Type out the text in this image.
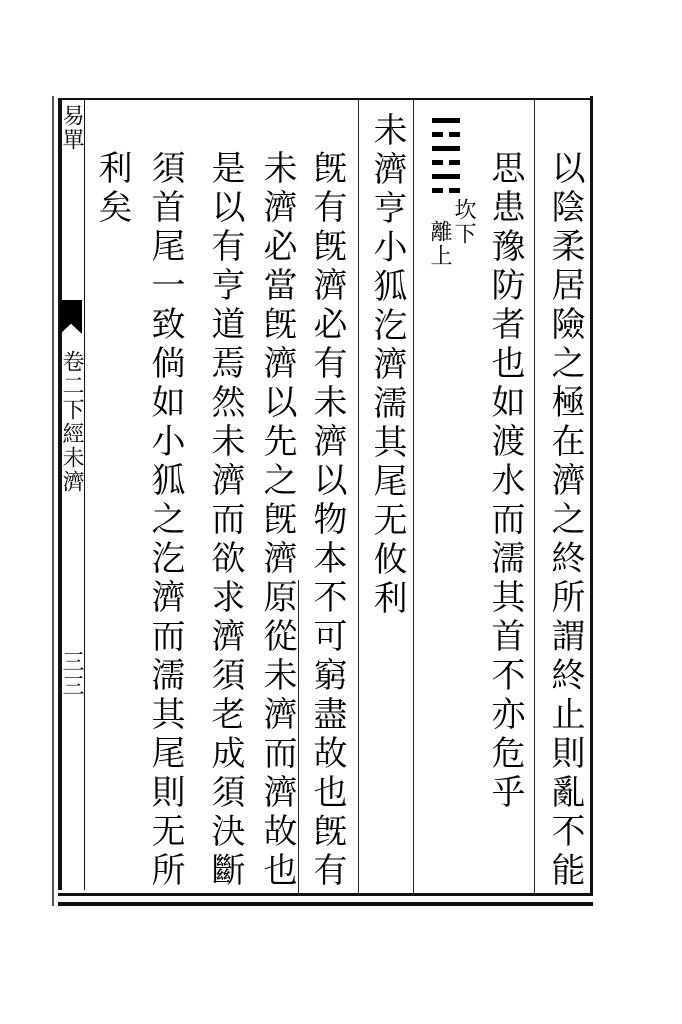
易單
卷二下經未濟
三三	以陰柔居險之極在濟之終所謂終止則亂不能
思患豫防者也如渡水而濡其首不亦危乎
坎下
離上
未濟亨小狐汔濟濡其尾无攸利
旣有旣濟必有未濟以物本不可窮盡故也旣有
未濟必當旣濟以先之旣濟原從未濟而濟故也
是以有亨道焉然未濟而欲求濟須老成須決斷
須首尾一致倘如小狐之汔濟而濡其尾則无所
利矣
